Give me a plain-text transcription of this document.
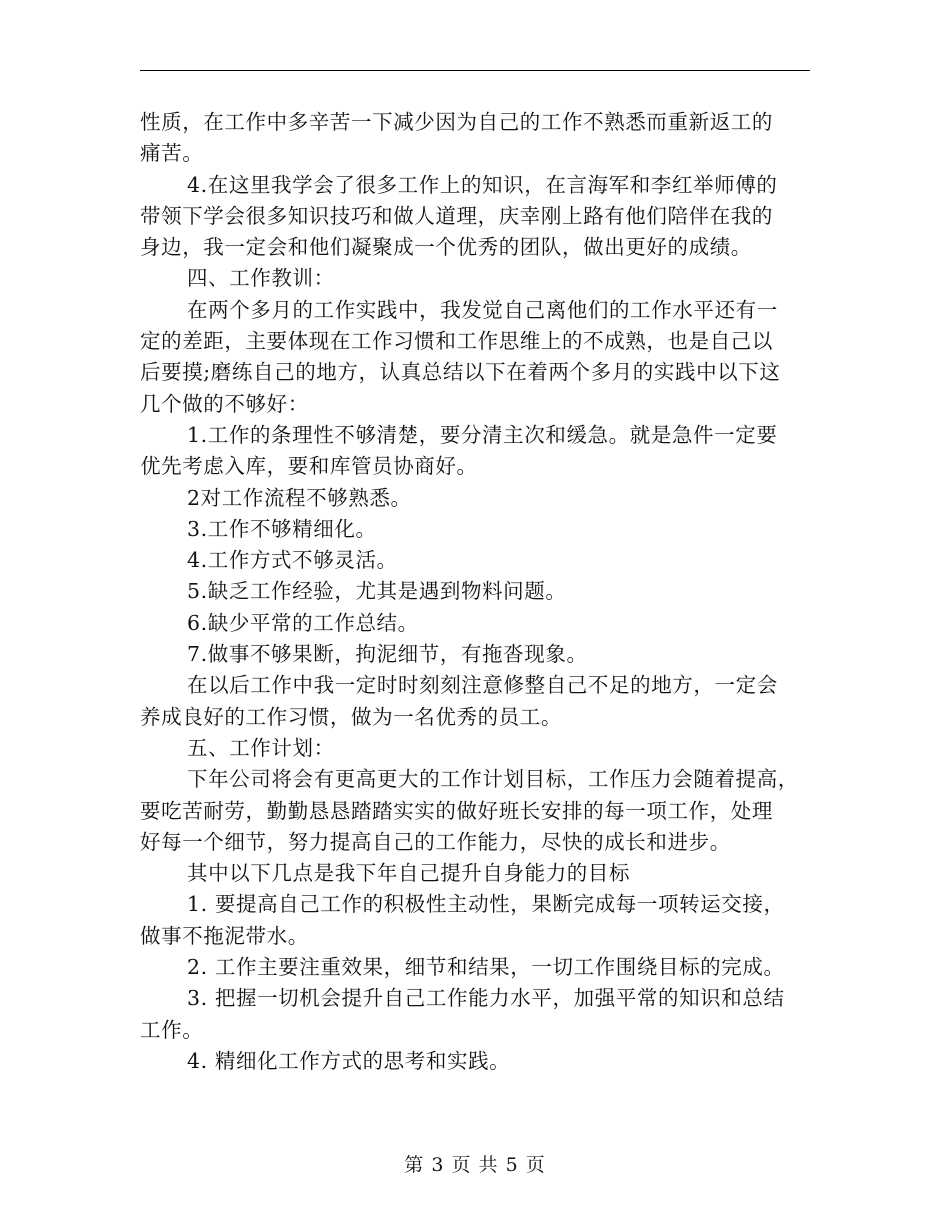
性质，在工作中多辛苦一下减少因为自己的工作不熟悉而重新返工的
痛苦。
4.在这里我学会了很多工作上的知识，在言海军和李红举师傅的
带领下学会很多知识技巧和做人道理，庆幸刚上路有他们陪伴在我的
身边，我一定会和他们凝聚成一个优秀的团队，做出更好的成绩。
四、工作教训：
在两个多月的工作实践中，我发觉自己离他们的工作水平还有一
定的差距，主要体现在工作习惯和工作思维上的不成熟，也是自己以
后要摸;磨练自己的地方，认真总结以下在着两个多月的实践中以下这
几个做的不够好：
1.工作的条理性不够清楚，要分清主次和缓急。就是急件一定要
优先考虑入库，要和库管员协商好。
2对工作流程不够熟悉。
3.工作不够精细化。
4.工作方式不够灵活。
5.缺乏工作经验，尤其是遇到物料问题。
6.缺少平常的工作总结。
7.做事不够果断，拘泥细节，有拖沓现象。
在以后工作中我一定时时刻刻注意修整自己不足的地方，一定会
养成良好的工作习惯，做为一名优秀的员工。
五、工作计划：
下年公司将会有更高更大的工作计划目标，工作压力会随着提高，
要吃苦耐劳，勤勤恳恳踏踏实实的做好班长安排的每一项工作，处理
好每一个细节，努力提高自己的工作能力，尽快的成长和进步。
其中以下几点是我下年自己提升自身能力的目标
1. 要提高自己工作的积极性主动性，果断完成每一项转运交接，
做事不拖泥带水。
2. 工作主要注重效果，细节和结果，一切工作围绕目标的完成。
3. 把握一切机会提升自己工作能力水平，加强平常的知识和总结
工作。
4. 精细化工作方式的思考和实践。
第 3 页 共 5 页
